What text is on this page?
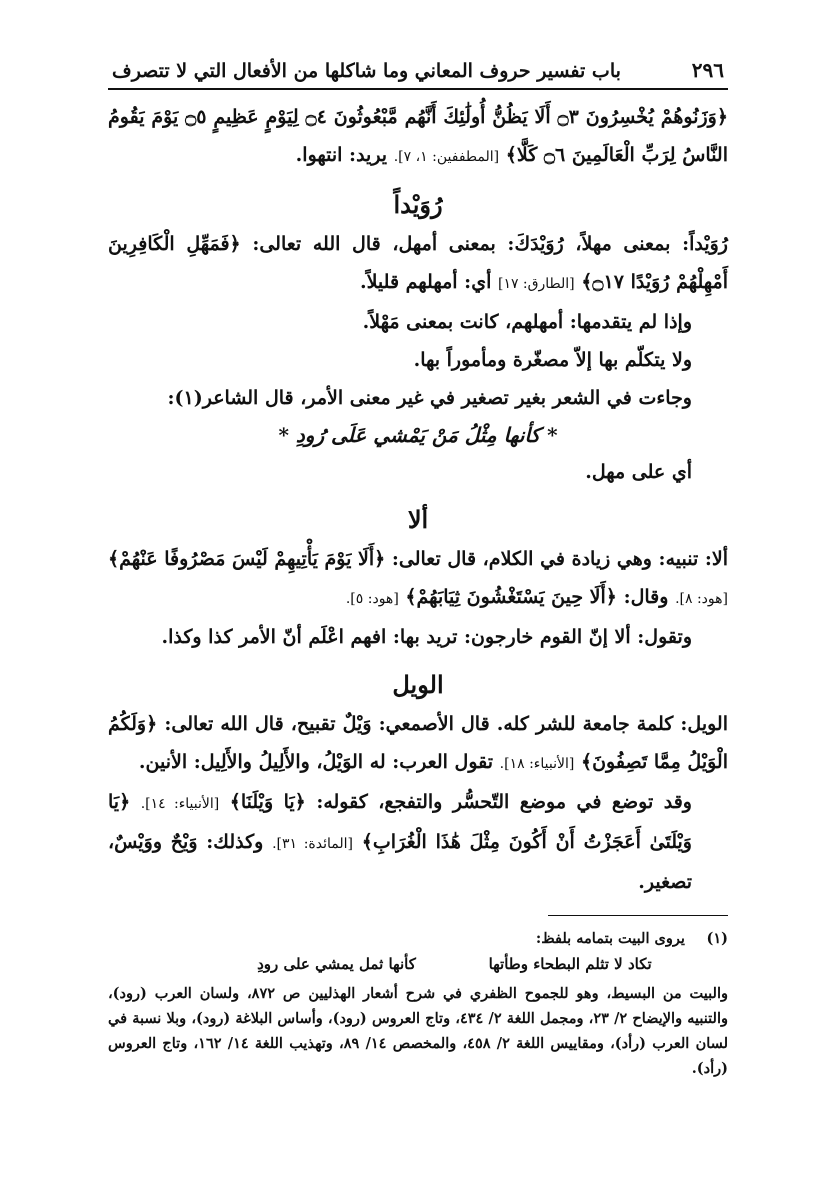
٢٩٦
باب تفسير حروف المعاني وما شاكلها من الأفعال التي لا تتصرف

﴿وَزَنُوهُمْ يُخْسِرُونَ ۝٣ أَلَا يَظُنُّ أُولَٰئِكَ أَنَّهُم مَّبْعُوثُونَ ۝٤ لِيَوْمٍ عَظِيمٍ ۝٥ يَوْمَ يَقُومُ النَّاسُ لِرَبِّ الْعَالَمِينَ ۝٦ كَلَّا﴾ [المطففين: ١، ٧]. يريد: انتهوا.

رُوَيْداً

رُوَيْداً: بمعنى مهلاً، رُوَيْدَكَ: بمعنى أمهل، قال الله تعالى: ﴿فَمَهِّلِ الْكَافِرِينَ أَمْهِلْهُمْ رُوَيْدًا ۝١٧﴾ [الطارق: ١٧] أي: أمهلهم قليلاً.

وإذا لم يتقدمها: أمهلهم، كانت بمعنى مَهْلاً.

ولا يتكلّم بها إلاّ مصغّرة ومأموراً بها.

وجاءت في الشعر بغير تصغير في غير معنى الأمر، قال الشاعر(١):

* كأنها مِثْلُ مَنْ يَمْشي عَلَى رُودِ *

أي على مهل.

ألا

ألا: تنبيه: وهي زيادة في الكلام، قال تعالى: ﴿أَلَا يَوْمَ يَأْتِيهِمْ لَيْسَ مَصْرُوفًا عَنْهُمْ﴾ [هود: ٨]. وقال: ﴿أَلَا حِينَ يَسْتَغْشُونَ ثِيَابَهُمْ﴾ [هود: ٥].

وتقول: ألا إنّ القوم خارجون: تريد بها: افهم اعْلَم أنّ الأمر كذا وكذا.

الويل

الويل: كلمة جامعة للشر كله. قال الأصمعي: وَيْلٌ تقبيح، قال الله تعالى: ﴿وَلَكُمُ الْوَيْلُ مِمَّا تَصِفُونَ﴾ [الأنبياء: ١٨]. تقول العرب: له الوَيْلُ، والأَلِيلُ والأَلِيل: الأنين.

وقد توضع في موضع التّحسُّر والتفجع، كقوله: ﴿يَا وَيْلَنَا﴾ [الأنبياء: ١٤]. ﴿يَا وَيْلَتَىٰ أَعَجَزْتُ أَنْ أَكُونَ مِثْلَ هَٰذَا الْغُرَابِ﴾ [المائدة: ٣١]. وكذلك: وَيْحٌ ووَيْسٌ، تصغير.

(١) يروى البيت بتمامه بلفظ:

تكاد لا تثلم البطحاء وطأتها
كأنها ثمل يمشي على رودِ

والبيت من البسيط، وهو للجموح الظفري في شرح أشعار الهذليين ص ٨٧٢، ولسان العرب (رود)، والتنبيه والإيضاح ٢/ ٢٣، ومجمل اللغة ٢/ ٤٣٤، وتاج العروس (رود)، وأساس البلاغة (رود)، وبلا نسبة في لسان العرب (رأد)، ومقاييس اللغة ٢/ ٤٥٨، والمخصص ١٤/ ٨٩، وتهذيب اللغة ١٤/ ١٦٢، وتاج العروس (رأد).
